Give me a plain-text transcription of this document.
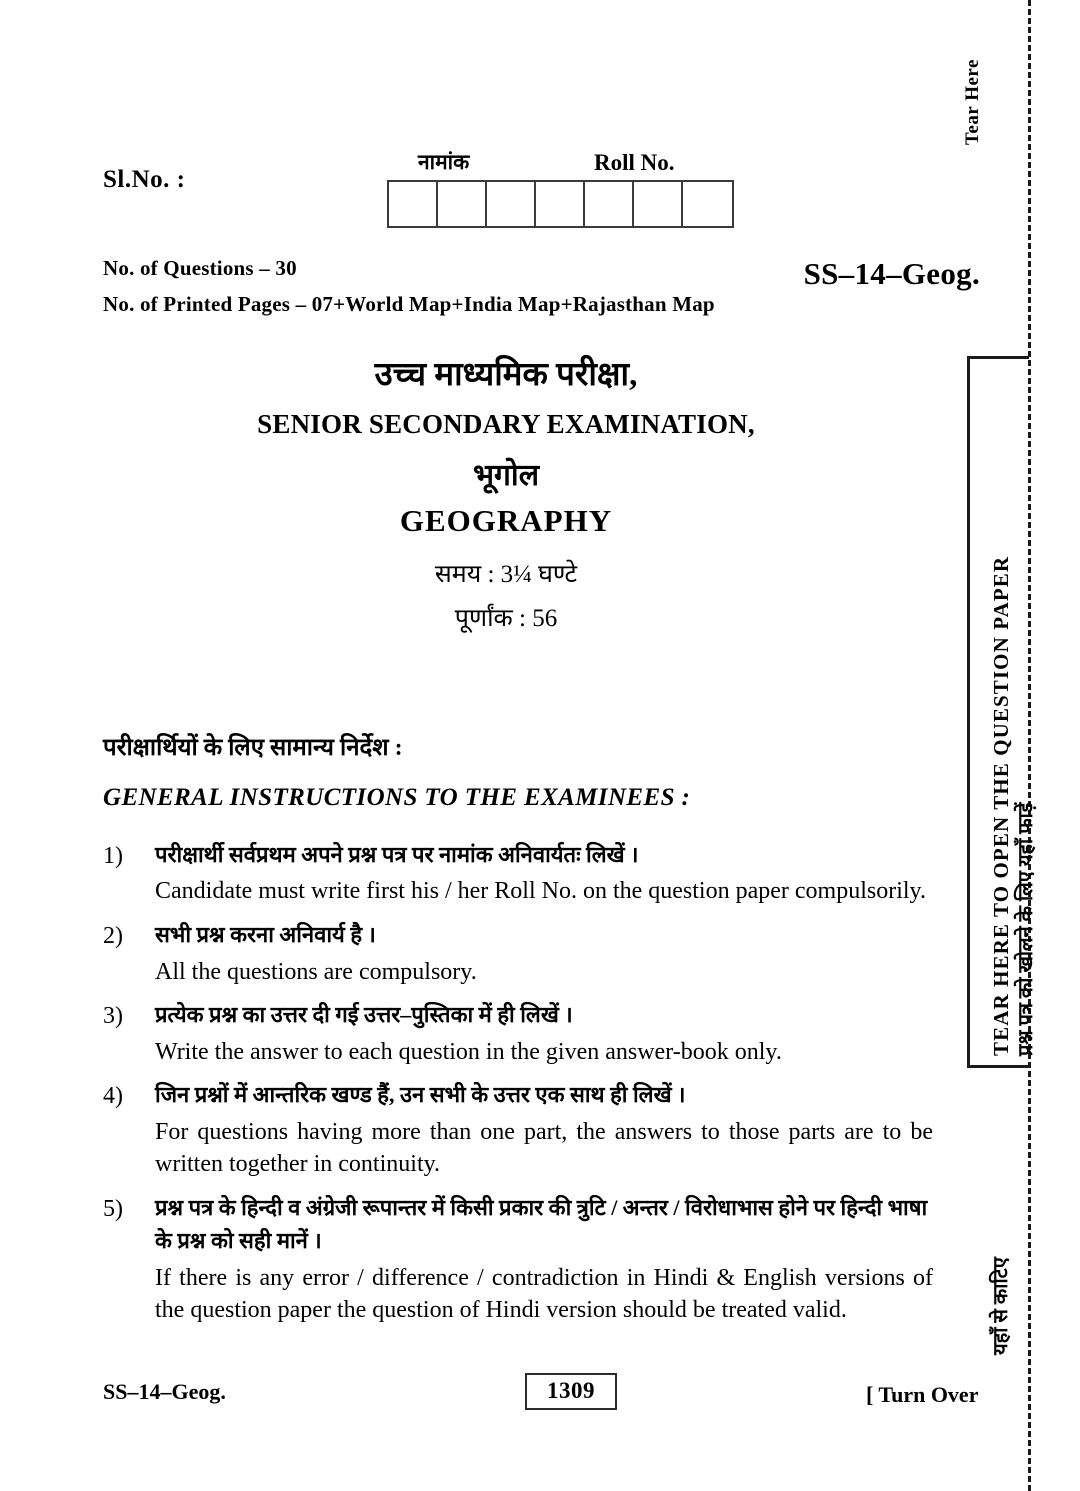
Tear Here
प्रश्न पत्र को खोलने के लिए यहाँ फाड़ें
TEAR HERE TO OPEN THE QUESTION PAPER
यहाँ से काटिए
Sl.No. :
नामांक	Roll No.
No. of Questions – 30
No. of Printed Pages – 07+World Map+India Map+Rajasthan Map
SS–14–Geog.
उच्च माध्यमिक परीक्षा,
SENIOR SECONDARY EXAMINATION,
भूगोल
GEOGRAPHY
समय : 3¼ घण्टे
पूर्णांक : 56
परीक्षार्थियों के लिए सामान्य निर्देश :
GENERAL INSTRUCTIONS TO THE EXAMINEES :
1)	परीक्षार्थी सर्वप्रथम अपने प्रश्न पत्र पर नामांक अनिवार्यतः लिखें ।
Candidate must write first his / her Roll No. on the question paper compulsorily.
2)	सभी प्रश्न करना अनिवार्य है ।
All the questions are compulsory.
3)	प्रत्येक प्रश्न का उत्तर दी गई उत्तर–पुस्तिका में ही लिखें ।
Write the answer to each question in the given answer-book only.
4)	जिन प्रश्नों में आन्तरिक खण्ड हैं, उन सभी के उत्तर एक साथ ही लिखें ।
For questions having more than one part, the answers to those parts are to be written together in continuity.
5)	प्रश्न पत्र के हिन्दी व अंग्रेजी रूपान्तर में किसी प्रकार की त्रुटि / अन्तर / विरोधाभास होने पर हिन्दी भाषा के प्रश्न को सही मानें ।
If there is any error / difference / contradiction in Hindi & English versions of the question paper the question of Hindi version should be treated valid.
SS–14–Geog.	1309	[ Turn Over
